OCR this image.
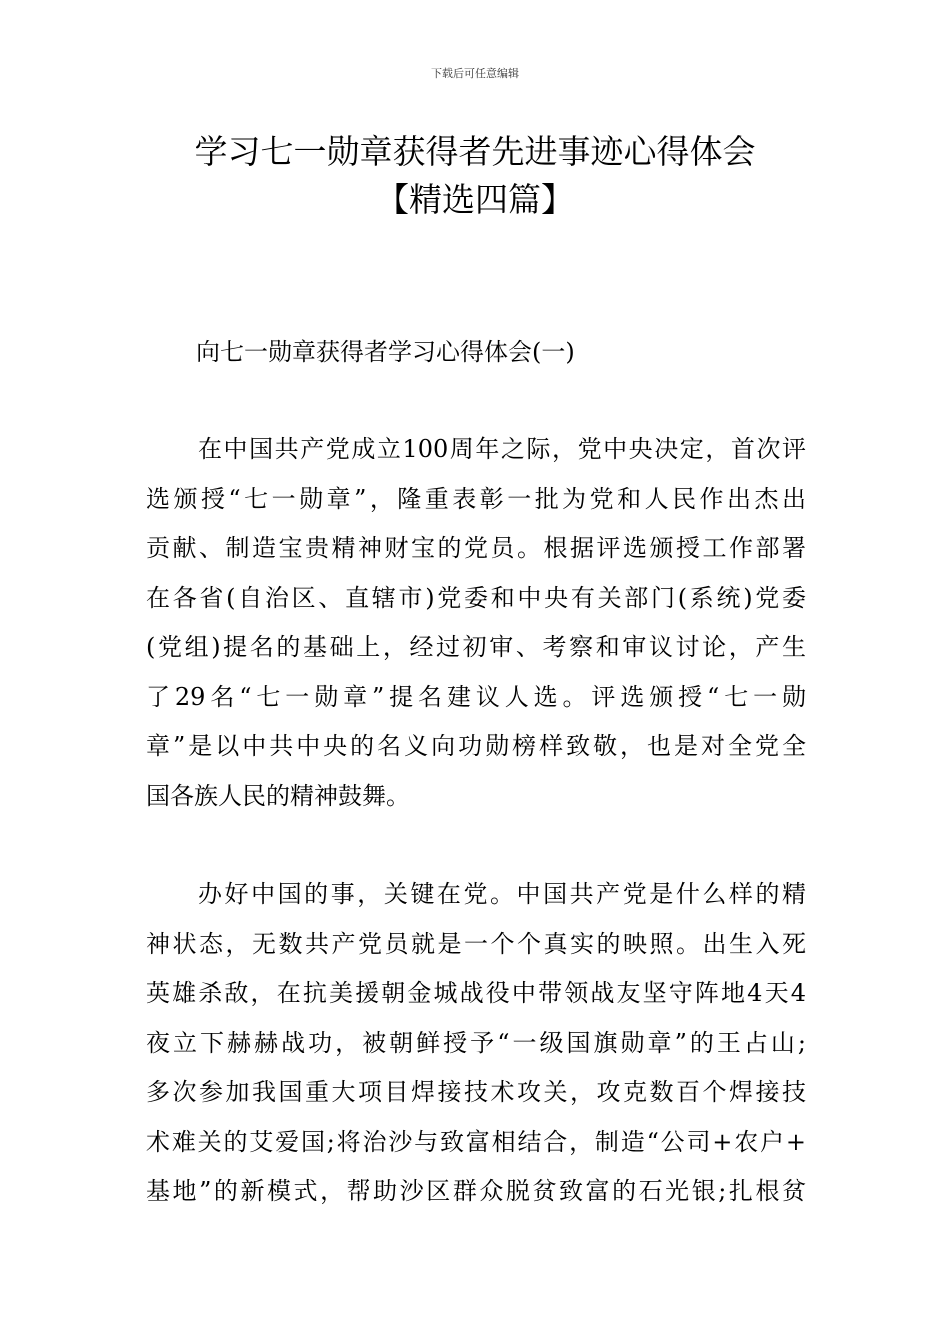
下载后可任意编辑
学习七一勋章获得者先进事迹心得体会
【精选四篇】

向七一勋章获得者学习心得体会(一)

在中国共产党成立100周年之际，党中央决定，首次评
选颁授“七一勋章”，隆重表彰一批为党和人民作出杰出
贡献、制造宝贵精神财宝的党员。根据评选颁授工作部署
在各省(自治区、直辖市)党委和中央有关部门(系统)党委
(党组)提名的基础上，经过初审、考察和审议讨论，产生
了29名“七一勋章”提名建议人选。评选颁授“七一勋
章”是以中共中央的名义向功勋榜样致敬，也是对全党全
国各族人民的精神鼓舞。
办好中国的事，关键在党。中国共产党是什么样的精
神状态，无数共产党员就是一个个真实的映照。出生入死
英雄杀敌，在抗美援朝金城战役中带领战友坚守阵地4天4
夜立下赫赫战功，被朝鲜授予“一级国旗勋章”的王占山;
多次参加我国重大项目焊接技术攻关，攻克数百个焊接技
术难关的艾爱国;将治沙与致富相结合，制造“公司+农户+
基地”的新模式，帮助沙区群众脱贫致富的石光银;扎根贫
